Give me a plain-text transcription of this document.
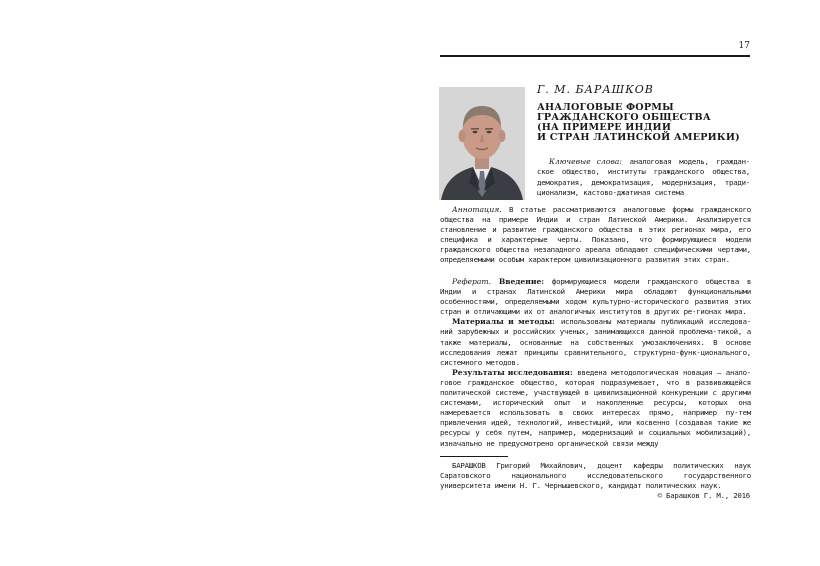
17
Г. М. БАРАШКОВ
АНАЛОГОВЫЕ ФОРМЫ
ГРАЖДАНСКОГО ОБЩЕСТВА
(НА ПРИМЕРЕ ИНДИИ
И СТРАН ЛАТИНСКОЙ АМЕРИКИ)
Ключевые слова: аналоговая модель, граждан-ское общество, институты гражданского общества, демократия, демократизация, модернизация, тради-ционализм, кастово-джатиная система
Аннотация. В статье рассматриваются аналоговые формы гражданского общества на примере Индии и стран Латинской Америки. Анализируется становление и развитие гражданского общества в этих регионах мира, его специфика и характерные черты. Показано, что формирующиеся модели гражданского общества незападного ареала обладают специфическими чертами, определяемыми особым характером цивилизационного развития этих стран.

Реферат. Введение: формирующиеся модели гражданского общества в Индии и странах Латинской Америки мира обладают функциональными особенностями, определяемыми ходом культурно-исторического развития этих стран и отличающими их от аналогичных институтов в других ре-гионах мира.

Материалы и методы: использованы материалы публикаций исследова-ний зарубежных и российских ученых, занимающихся данной проблема-тикой, а также материалы, основанные на собственных умозаключениях. В основе исследования лежат принципы сравнительного, структурно-функ-ционального, системного методов.

Результаты исследования: введена методологическая новация — анало-говое гражданское общество, которая подразумевает, что в развивающейся политической системе, участвующей в цивилизационной конкуренции с другими системами, исторический опыт и накопленные ресурсы, которых она намеревается использовать в своих интересах прямо, например пу-тем привлечения идей, технологий, инвестиций, или косвенно (создавая такие же ресурсы у себя путем, например, модернизаций и социальных мобилизаций), изначально не предусмотрено органической связи между

БАРАШКОВ Григорий Михайлович, доцент кафедры политических наук Саратовского национального исследовательского государственного университета имени Н. Г. Чернышевского, кандидат политических наук.
© Барашков Г. М., 2016
